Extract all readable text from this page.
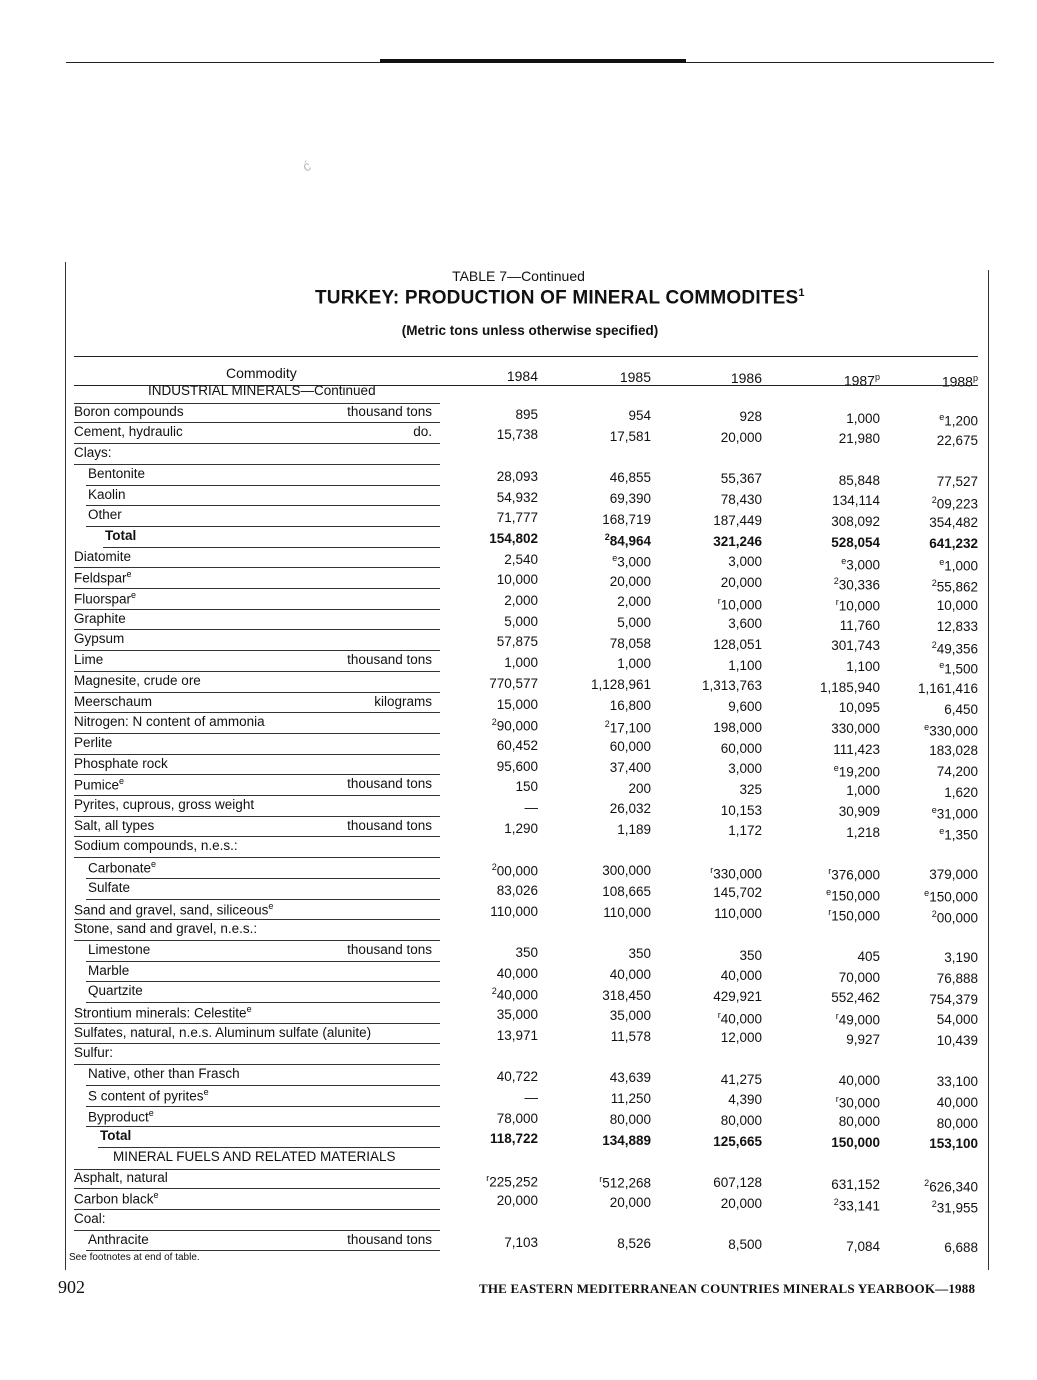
ć
TABLE 7—Continued
TURKEY: PRODUCTION OF MINERAL COMMODITES$^1$
(Metric tons unless otherwise specified)
Commodity	1984	1985	1986	1987$^p$	1988$^p$
INDUSTRIAL MINERALS—Continued
Boron compounds	thousand tons	895	954	928	1,000	$^e$1,200
Cement, hydraulic	do.	15,738	17,581	20,000	21,980	22,675
Clays:
Bentonite	28,093	46,855	55,367	85,848	77,527
Kaolin	54,932	69,390	78,430	134,114	$^2$09,223
Other	71,777	168,719	187,449	308,092	354,482
Total	154,802	$^2$84,964	321,246	528,054	641,232
Diatomite	2,540	$^e$3,000	3,000	$^e$3,000	$^e$1,000
Feldspar$^e$	10,000	20,000	20,000	$^2$30,336	$^2$55,862
Fluorspar$^e$	2,000	2,000	$^r$10,000	$^r$10,000	10,000
Graphite	5,000	5,000	3,600	11,760	12,833
Gypsum	57,875	78,058	128,051	301,743	$^2$49,356
Lime	thousand tons	1,000	1,000	1,100	1,100	$^e$1,500
Magnesite, crude ore	770,577	1,128,961	1,313,763	1,185,940	1,161,416
Meerschaum	kilograms	15,000	16,800	9,600	10,095	6,450
Nitrogen: N content of ammonia	$^2$90,000	$^2$17,100	198,000	330,000	$^e$330,000
Perlite	60,452	60,000	60,000	111,423	183,028
Phosphate rock	95,600	37,400	3,000	$^e$19,200	74,200
Pumice$^e$	thousand tons	150	200	325	1,000	1,620
Pyrites, cuprous, gross weight	—	26,032	10,153	30,909	$^e$31,000
Salt, all types	thousand tons	1,290	1,189	1,172	1,218	$^e$1,350
Sodium compounds, n.e.s.:
Carbonate$^e$	$^2$00,000	300,000	$^r$330,000	$^r$376,000	379,000
Sulfate	83,026	108,665	145,702	$^e$150,000	$^e$150,000
Sand and gravel, sand, siliceous$^e$	110,000	110,000	110,000	$^r$150,000	$^2$00,000
Stone, sand and gravel, n.e.s.:
Limestone	thousand tons	350	350	350	405	3,190
Marble	40,000	40,000	40,000	70,000	76,888
Quartzite	$^2$40,000	318,450	429,921	552,462	754,379
Strontium minerals: Celestite$^e$	35,000	35,000	$^r$40,000	$^r$49,000	54,000
Sulfates, natural, n.e.s. Aluminum sulfate (alunite)	13,971	11,578	12,000	9,927	10,439
Sulfur:
Native, other than Frasch	40,722	43,639	41,275	40,000	33,100
S content of pyrites$^e$	—	11,250	4,390	$^r$30,000	40,000
Byproduct$^e$	78,000	80,000	80,000	80,000	80,000
Total	118,722	134,889	125,665	150,000	153,100
MINERAL FUELS AND RELATED MATERIALS
Asphalt, natural	$^r$225,252	$^r$512,268	607,128	631,152	$^2$626,340
Carbon black$^e$	20,000	20,000	20,000	$^2$33,141	$^2$31,955
Coal:
Anthracite	thousand tons	7,103	8,526	8,500	7,084	6,688
See footnotes at end of table.
902	THE EASTERN MEDITERRANEAN COUNTRIES MINERALS YEARBOOK—1988
